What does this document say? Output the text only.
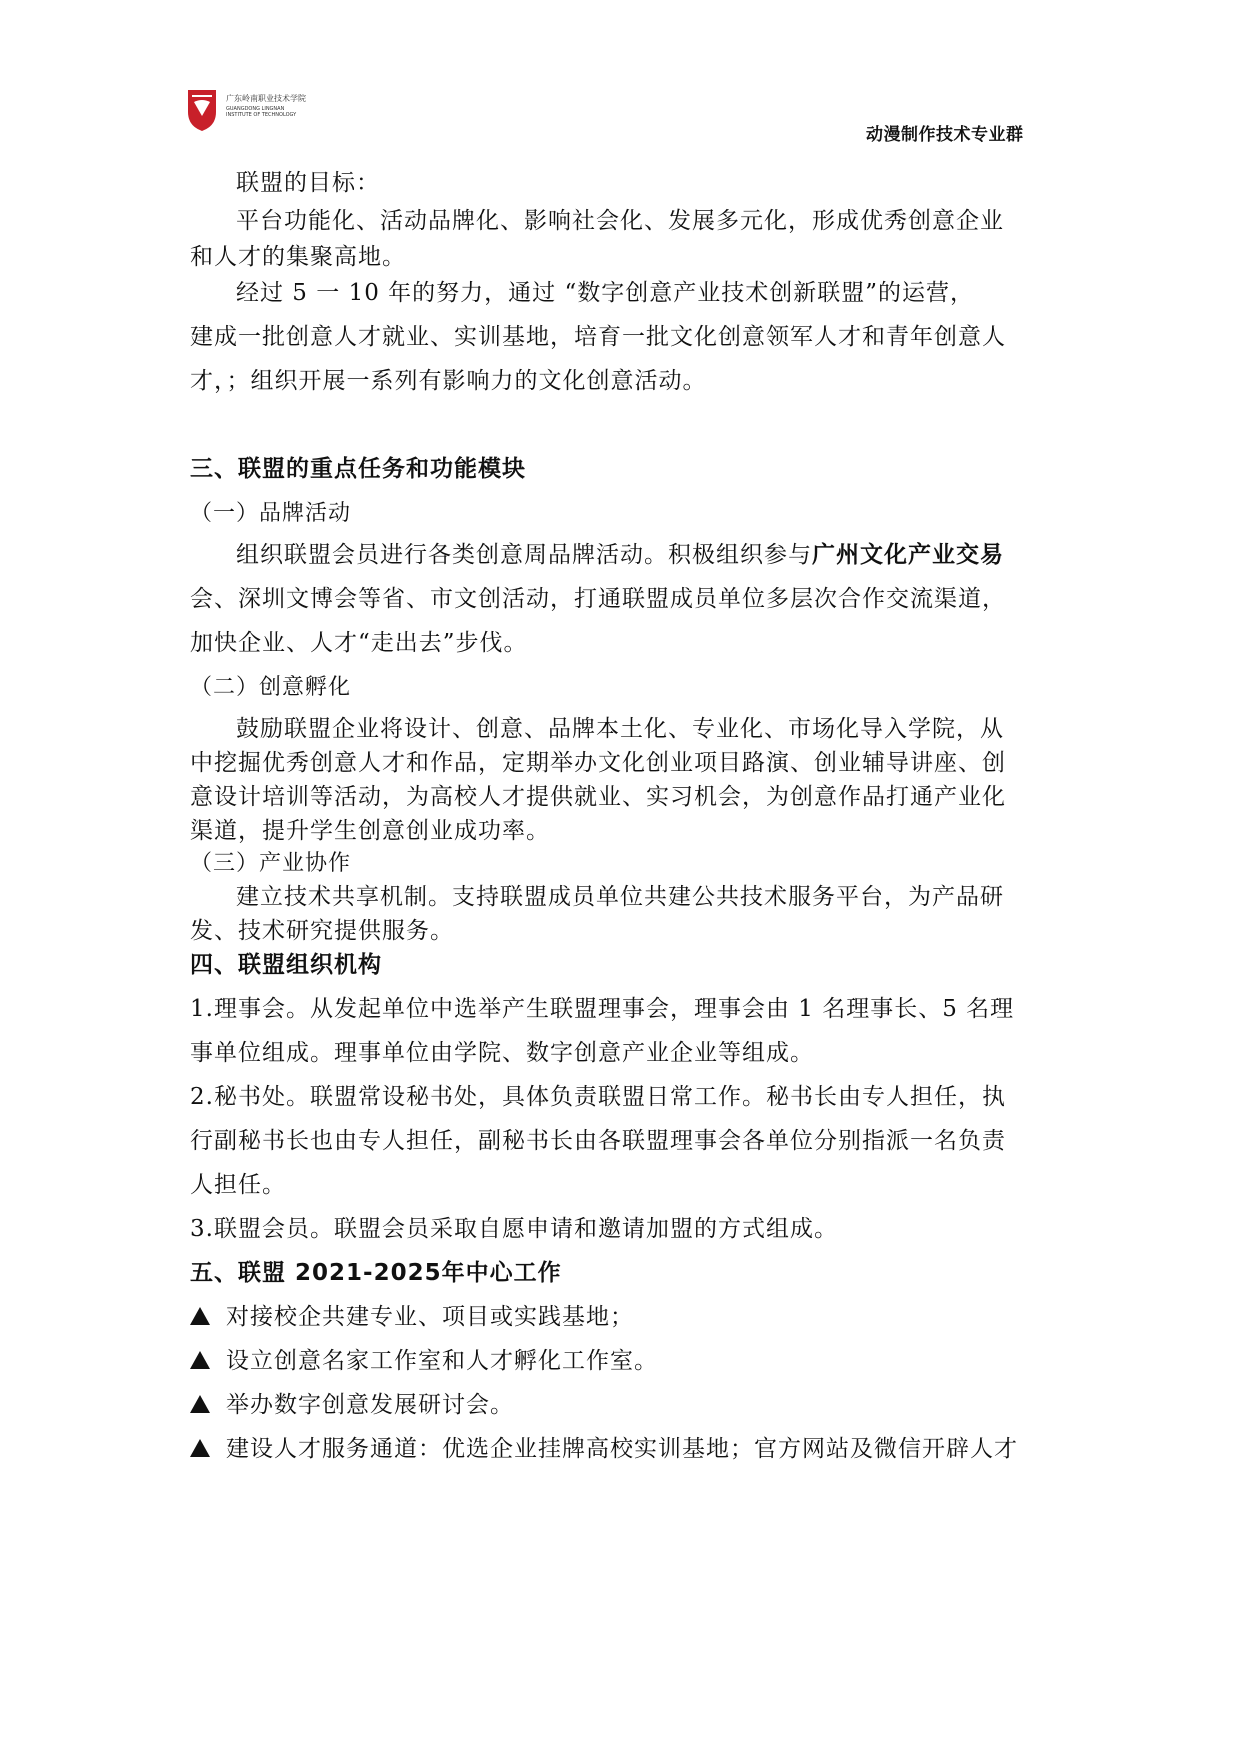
广东岭南职业技术学院
GUANGDONG LINGNAN
INSTITUTE OF TECHNOLOGY
动漫制作技术专业群
联盟的目标：
平台功能化、活动品牌化、影响社会化、发展多元化，形成优秀创意企业
和人才的集聚高地。
经过 5 一 10 年的努力，通过 “数字创意产业技术创新联盟”的运营，
建成一批创意人才就业、实训基地，培育一批文化创意领军人才和青年创意人
才，；组织开展一系列有影响力的文化创意活动。
三、联盟的重点任务和功能模块
（一）品牌活动
组织联盟会员进行各类创意周品牌活动。积极组织参与广州文化产业交易
会、深圳文博会等省、市文创活动，打通联盟成员单位多层次合作交流渠道，
加快企业、人才“走出去”步伐。
（二）创意孵化
鼓励联盟企业将设计、创意、品牌本土化、专业化、市场化导入学院，从
中挖掘优秀创意人才和作品，定期举办文化创业项目路演、创业辅导讲座、创
意设计培训等活动，为高校人才提供就业、实习机会，为创意作品打通产业化
渠道，提升学生创意创业成功率。
（三）产业协作
建立技术共享机制。支持联盟成员单位共建公共技术服务平台，为产品研
发、技术研究提供服务。
四、联盟组织机构
1.理事会。从发起单位中选举产生联盟理事会，理事会由 1 名理事长、5 名理
事单位组成。理事单位由学院、数字创意产业企业等组成。
2.秘书处。联盟常设秘书处，具体负责联盟日常工作。秘书长由专人担任，执
行副秘书长也由专人担任，副秘书长由各联盟理事会各单位分别指派一名负责
人担任。
3.联盟会员。联盟会员采取自愿申请和邀请加盟的方式组成。
五、联盟 2021-2025年中心工作
对接校企共建专业、项目或实践基地；
设立创意名家工作室和人才孵化工作室。
举办数字创意发展研讨会。
建设人才服务通道：优选企业挂牌高校实训基地；官方网站及微信开辟人才
